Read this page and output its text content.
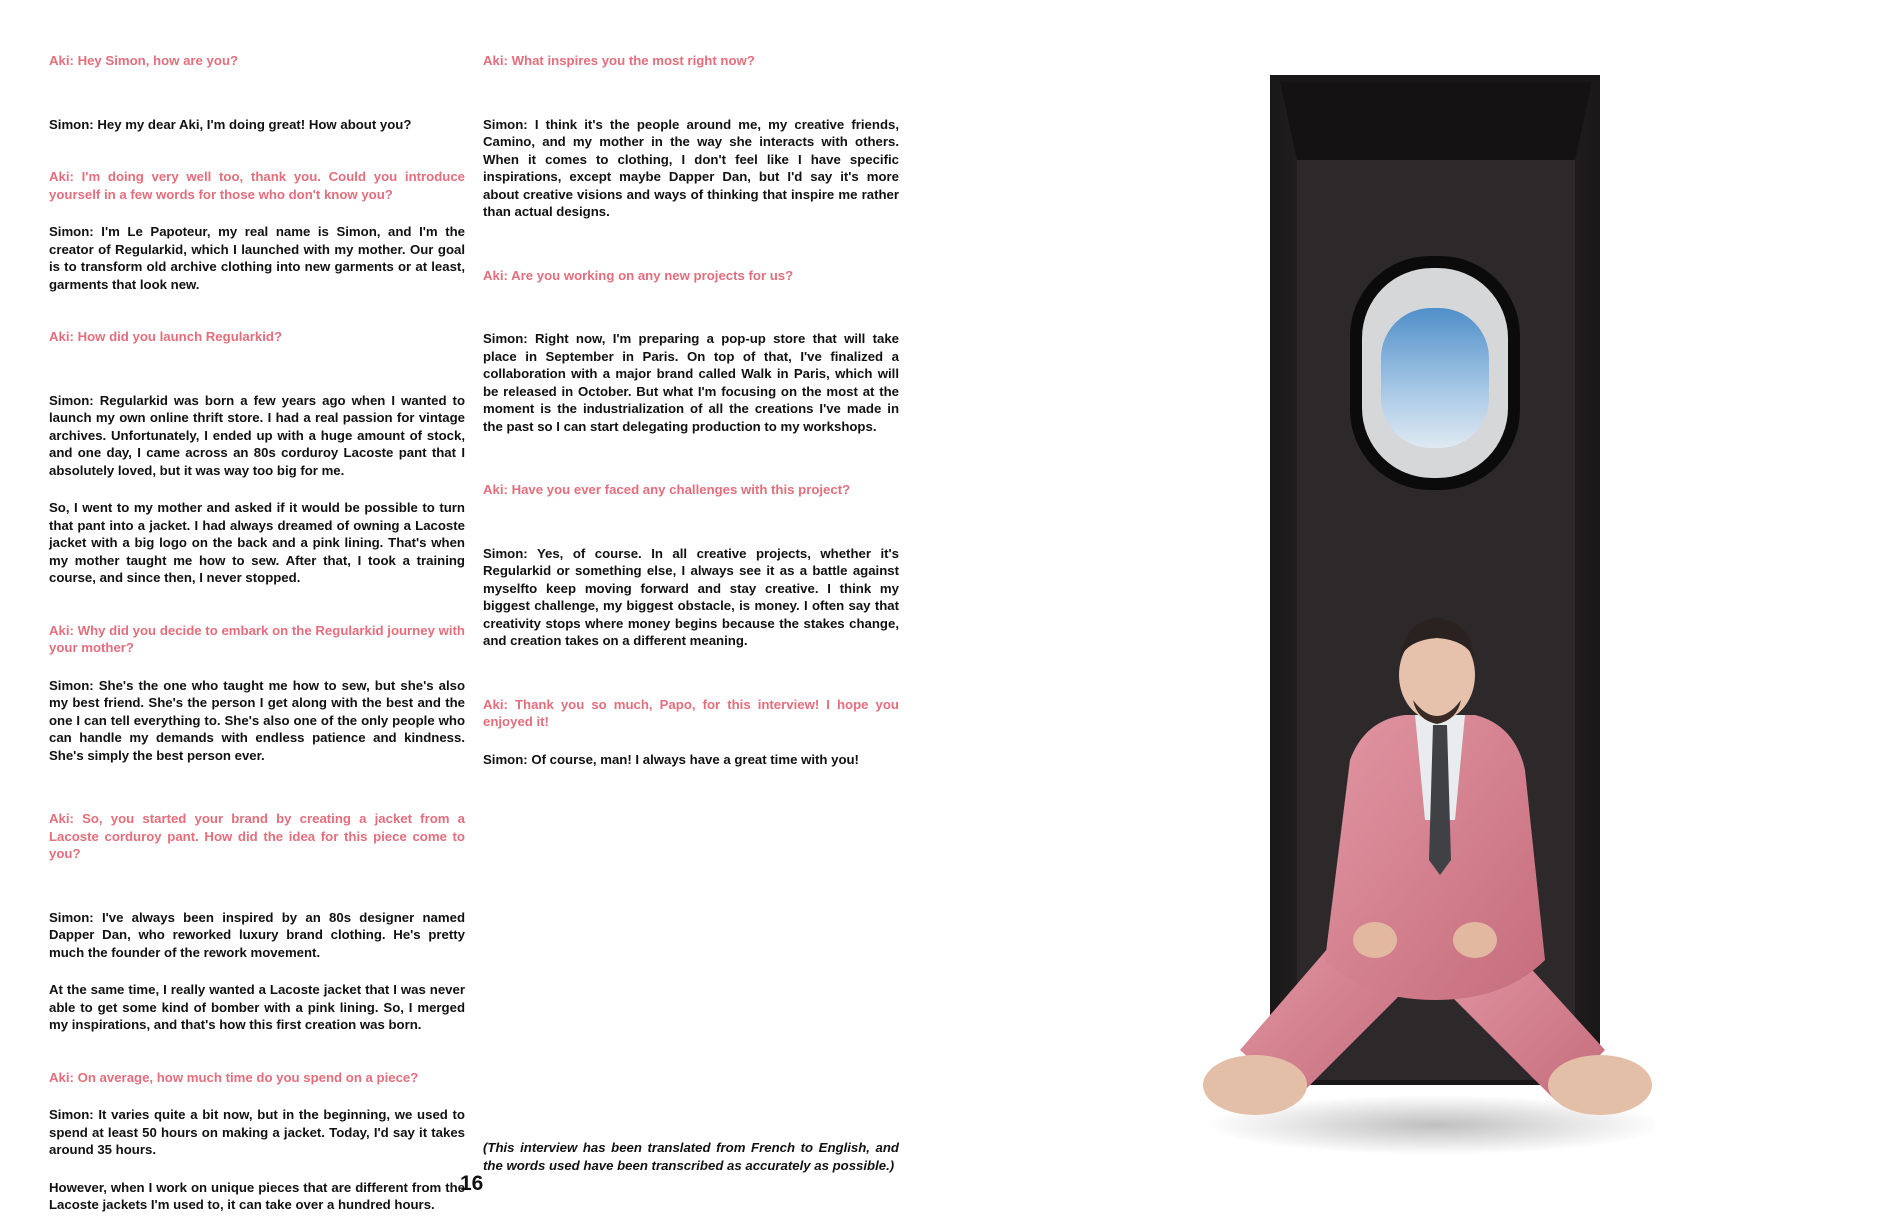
Aki: Hey Simon, how are you?

Simon: Hey my dear Aki, I'm doing great! How about you?

Aki: I'm doing very well too, thank you. Could you introduce yourself in a few words for those who don't know you?

Simon: I'm Le Papoteur, my real name is Simon, and I'm the creator of Regularkid, which I launched with my mother. Our goal is to transform old archive clothing into new garments or at least, garments that look new.

Aki: How did you launch Regularkid?

Simon: Regularkid was born a few years ago when I wanted to launch my own online thrift store. I had a real passion for vintage archives. Unfortunately, I ended up with a huge amount of stock, and one day, I came across an 80s corduroy Lacoste pant that I absolutely loved, but it was way too big for me.

So, I went to my mother and asked if it would be possible to turn that pant into a jacket. I had always dreamed of owning a Lacoste jacket with a big logo on the back and a pink lining. That's when my mother taught me how to sew. After that, I took a training course, and since then, I never stopped.

Aki: Why did you decide to embark on the Regularkid journey with your mother?

Simon: She's the one who taught me how to sew, but she's also my best friend. She's the person I get along with the best and the one I can tell everything to. She's also one of the only people who can handle my demands with endless patience and kindness. She's simply the best person ever.

Aki: So, you started your brand by creating a jacket from a Lacoste corduroy pant. How did the idea for this piece come to you?

Simon: I've always been inspired by an 80s designer named Dapper Dan, who reworked luxury brand clothing. He's pretty much the founder of the rework movement.

At the same time, I really wanted a Lacoste jacket that I was never able to get some kind of bomber with a pink lining. So, I merged my inspirations, and that's how this first creation was born.

Aki: On average, how much time do you spend on a piece?

Simon: It varies quite a bit now, but in the beginning, we used to spend at least 50 hours on making a jacket. Today, I'd say it takes around 35 hours.

However, when I work on unique pieces that are different from the Lacoste jackets I'm used to, it can take over a hundred hours.

Aki: What inspires you the most right now?

Simon: I think it's the people around me, my creative friends, Camino, and my mother in the way she interacts with others. When it comes to clothing, I don't feel like I have specific inspirations, except maybe Dapper Dan, but I'd say it's more about creative visions and ways of thinking that inspire me rather than actual designs.

Aki: Are you working on any new projects for us?

Simon: Right now, I'm preparing a pop-up store that will take place in September in Paris. On top of that, I've finalized a collaboration with a major brand called Walk in Paris, which will be released in October. But what I'm focusing on the most at the moment is the industrialization of all the creations I've made in the past so I can start delegating production to my workshops.

Aki: Have you ever faced any challenges with this project?

Simon: Yes, of course. In all creative projects, whether it's Regularkid or something else, I always see it as a battle against myselfto keep moving forward and stay creative. I think my biggest challenge, my biggest obstacle, is money. I often say that creativity stops where money begins because the stakes change, and creation takes on a different meaning.

Aki: Thank you so much, Papo, for this interview! I hope you enjoyed it!

Simon: Of course, man! I always have a great time with you!

(This interview has been translated from French to English, and the words used have been transcribed as accurately as possible.)

16
